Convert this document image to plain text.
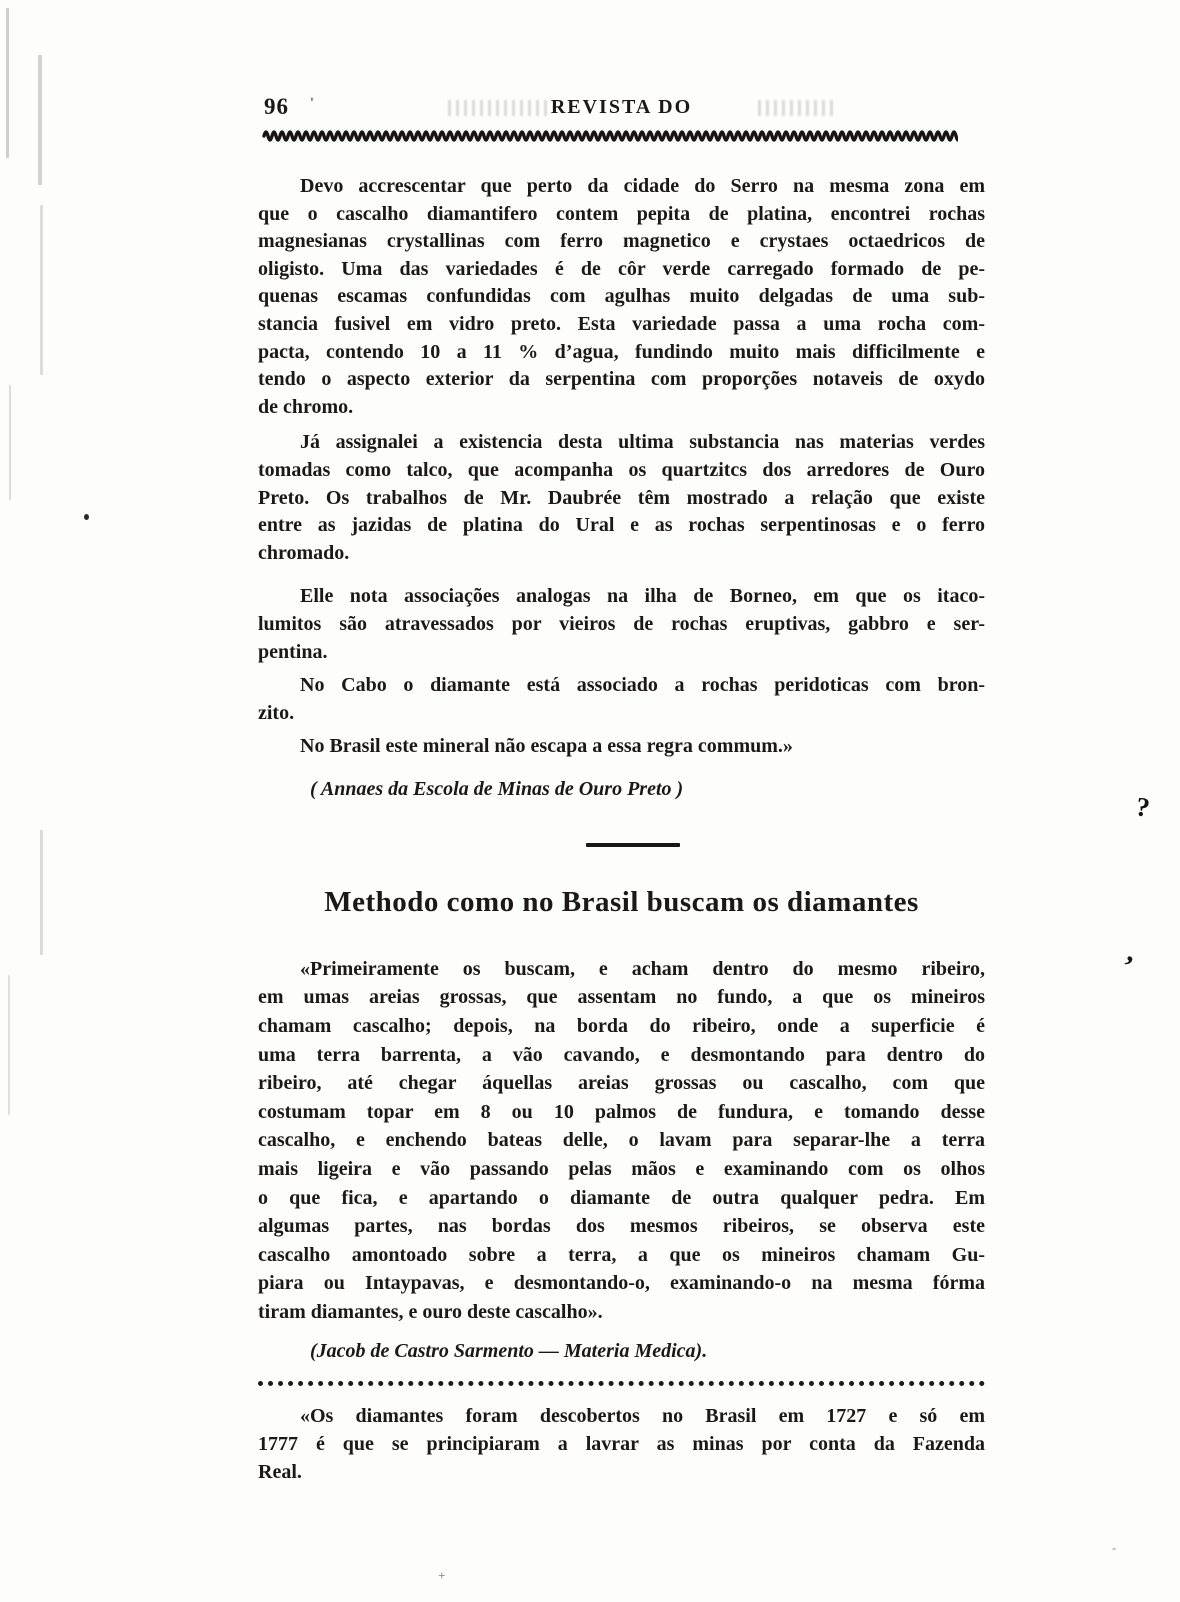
96 '	REVISTA DO
Devo accrescentar que perto da cidade do Serro na mesma zona em
que o cascalho diamantifero contem pepita de platina, encontrei rochas
magnesianas crystallinas com ferro magnetico e crystaes octaedricos de
oligisto. Uma das variedades é de côr verde carregado formado de pe-
quenas escamas confundidas com agulhas muito delgadas de uma sub-
stancia fusivel em vidro preto. Esta variedade passa a uma rocha com-
pacta, contendo 10 a 11 % d’agua, fundindo muito mais difficilmente e
tendo o aspecto exterior da serpentina com proporções notaveis de oxydo
de chromo.
Já assignalei a existencia desta ultima substancia nas materias verdes
tomadas como talco, que acompanha os quartzitcs dos arredores de Ouro
Preto. Os trabalhos de Mr. Daubrée têm mostrado a relação que existe
entre as jazidas de platina do Ural e as rochas serpentinosas e o ferro
chromado.
Elle nota associações analogas na ilha de Borneo, em que os itaco-
lumitos são atravessados por vieiros de rochas eruptivas, gabbro e ser-
pentina.
No Cabo o diamante está associado a rochas peridoticas com bron-
zito.
No Brasil este mineral não escapa a essa regra commum.»
( Annaes da Escola de Minas de Ouro Preto )
Methodo como no Brasil buscam os diamantes
«Primeiramente os buscam, e acham dentro do mesmo ribeiro,
em umas areias grossas, que assentam no fundo, a que os mineiros
chamam cascalho; depois, na borda do ribeiro, onde a superficie é
uma terra barrenta, a vão cavando, e desmontando para dentro do
ribeiro, até chegar áquellas areias grossas ou cascalho, com que
costumam topar em 8 ou 10 palmos de fundura, e tomando desse
cascalho, e enchendo bateas delle, o lavam para separar-lhe a terra
mais ligeira e vão passando pelas mãos e examinando com os olhos
o que fica, e apartando o diamante de outra qualquer pedra. Em
algumas partes, nas bordas dos mesmos ribeiros, se observa este
cascalho amontoado sobre a terra, a que os mineiros chamam Gu-
piara ou Intaypavas, e desmontando-o, examinando-o na mesma fórma
tiram diamantes, e ouro deste cascalho».
(Jacob de Castro Sarmento — Materia Medica).
«Os diamantes foram descobertos no Brasil em 1727 e só em
1777 é que se principiaram a lavrar as minas por conta da Fazenda
Real.
?
’
+
-
